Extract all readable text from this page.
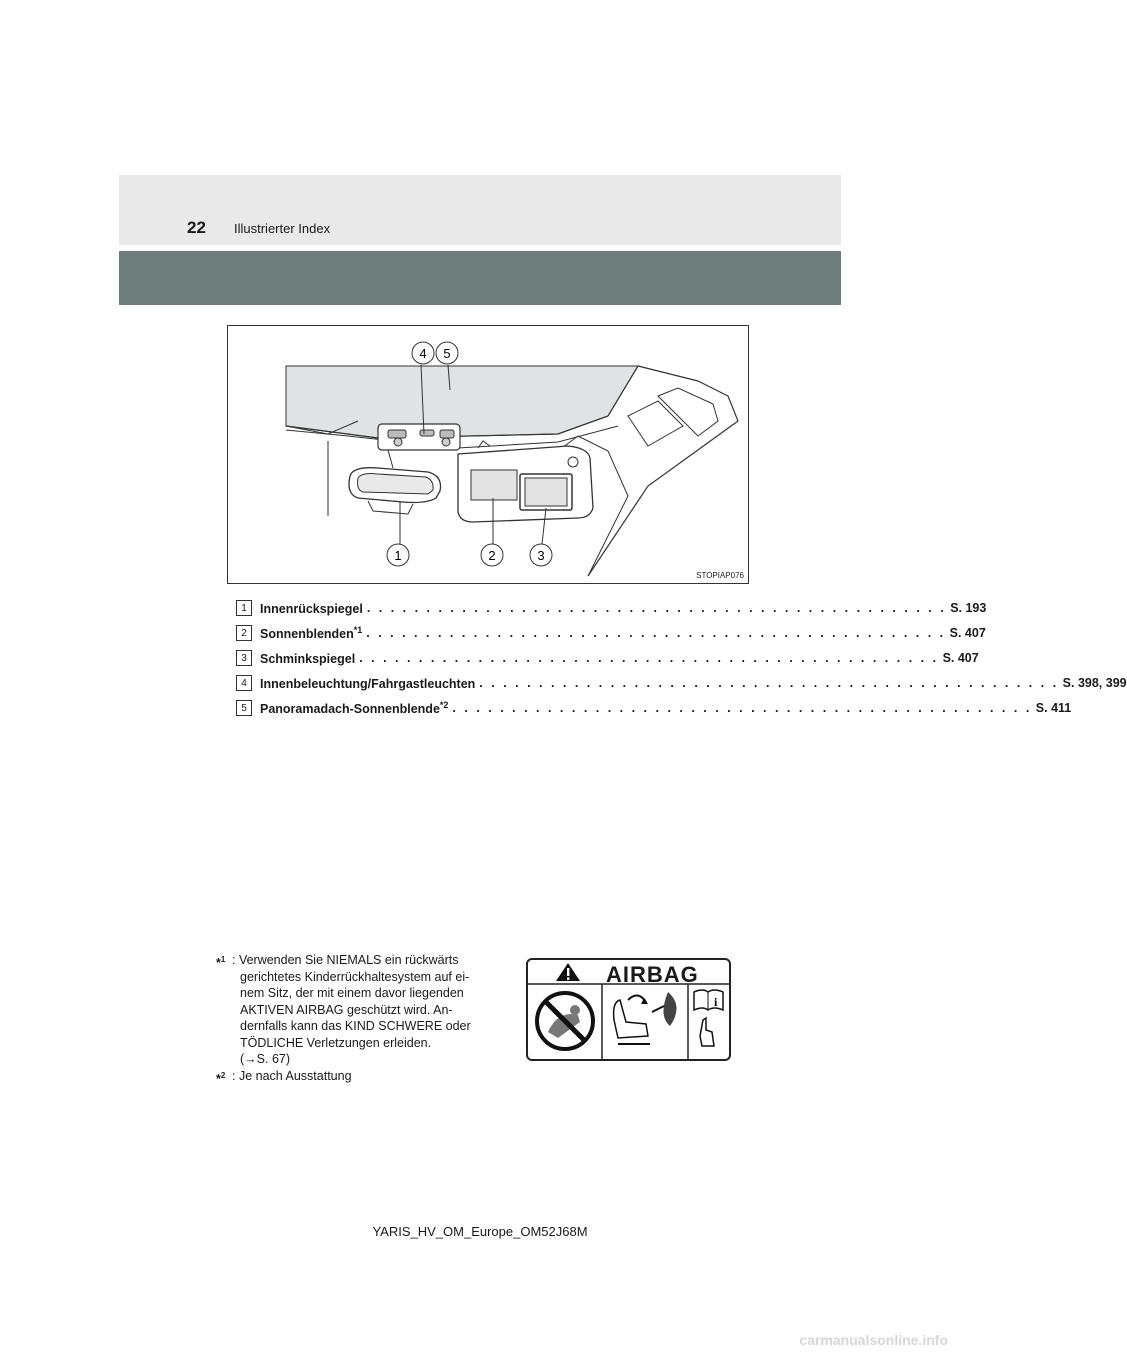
22 Illustrierter Index
4 5
1	2	3
STOPIAP076
1	Innenrückspiegel . . . . . . . . . . . . . . . . . . . . . . . . . . . . . . . . . . . . . . . . . . . . . . . . . S. 193
2	Sonnenblenden$^{*1}$ . . . . . . . . . . . . . . . . . . . . . . . . . . . . . . . . . . . . . . . . . . . . . . . . . S. 407
3	Schminkspiegel . . . . . . . . . . . . . . . . . . . . . . . . . . . . . . . . . . . . . . . . . . . . . . . . . S. 407
4	Innenbeleuchtung/Fahrgastleuchten . . . . . . . . . . . . . . . . . . . . . . . . . . . . . . . . . . . . . . . . . . . . . . . . . S. 398, 399
5	Panoramadach-Sonnenblende$^{*2}$ . . . . . . . . . . . . . . . . . . . . . . . . . . . . . . . . . . . . . . . . . . . . . . . . . S. 411
*$^1$ : Verwenden Sie NIEMALS ein rückwärts
gerichtetes Kinderrückhaltesystem auf ei-
nem Sitz, der mit einem davor liegenden
AKTIVEN AIRBAG geschützt wird. An-
dernfalls kann das KIND SCHWERE oder
TÖDLICHE Verletzungen erleiden.
(→S. 67)
*$^2$ : Je nach Ausstattung
i
AIRBAG
YARIS_HV_OM_Europe_OM52J68M
carmanualsonline.info
